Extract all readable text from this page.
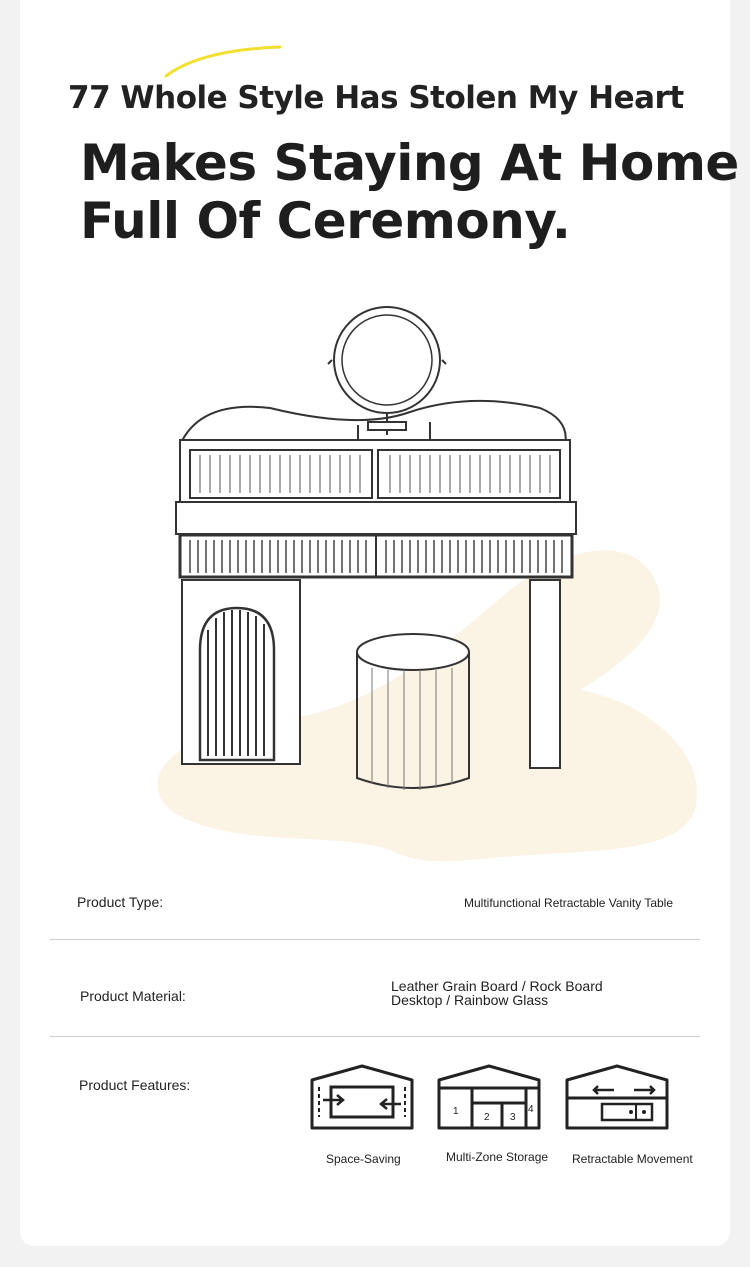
77 Whole Style Has Stolen My Heart
Makes Staying At Home
Full Of Ceremony.
Product Type:	Multifunctional Retractable Vanity Table
Product Material:
Leather Grain Board / Rock Board
Desktop / Rainbow Glass
Product Features:
1
2 3
4
Space-Saving	Multi-Zone Storage Retractable Movement
